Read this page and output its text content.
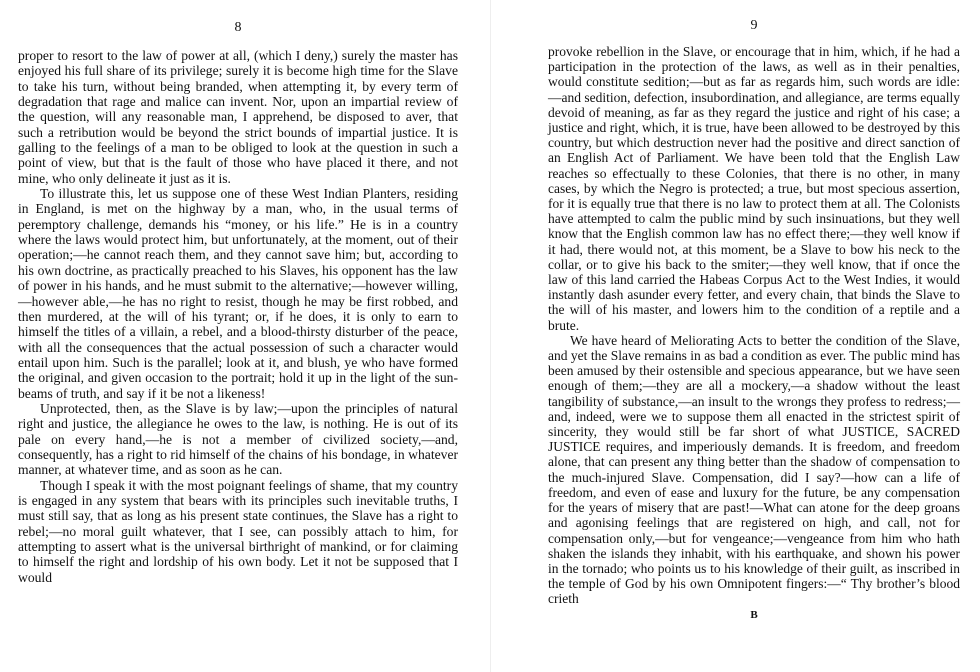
8

proper to resort to the law of power at all, (which I deny,) surely the master has enjoyed his full share of its privilege; surely it is become high time for the Slave to take his turn, without being branded, when attempting it, by every term of degradation that rage and malice can invent. Nor, upon an impartial review of the question, will any reasonable man, I apprehend, be disposed to aver, that such a retribution would be beyond the strict bounds of impartial justice. It is galling to the feelings of a man to be obliged to look at the question in such a point of view, but that is the fault of those who have placed it there, and not mine, who only delineate it just as it is.

To illustrate this, let us suppose one of these West Indian Planters, residing in England, is met on the highway by a man, who, in the usual terms of peremptory challenge, demands his “money, or his life.” He is in a country where the laws would protect him, but unfortunately, at the moment, out of their operation;—he cannot reach them, and they cannot save him; but, according to his own doctrine, as practically preached to his Slaves, his opponent has the law of power in his hands, and he must submit to the alternative;—however willing,—however able,—he has no right to resist, though he may be first robbed, and then murdered, at the will of his tyrant; or, if he does, it is only to earn to himself the titles of a villain, a rebel, and a blood-thirsty disturber of the peace, with all the consequences that the actual possession of such a character would entail upon him. Such is the parallel; look at it, and blush, ye who have formed the original, and given occasion to the portrait; hold it up in the light of the sun-beams of truth, and say if it be not a likeness!

Unprotected, then, as the Slave is by law;—upon the principles of natural right and justice, the allegiance he owes to the law, is nothing. He is out of its pale on every hand,—he is not a member of civilized society,—and, consequently, has a right to rid himself of the chains of his bondage, in whatever manner, at whatever time, and as soon as he can.

Though I speak it with the most poignant feelings of shame, that my country is engaged in any system that bears with its principles such inevitable truths, I must still say, that as long as his present state continues, the Slave has a right to rebel;—no moral guilt whatever, that I see, can possibly attach to him, for attempting to assert what is the universal birthright of mankind, or for claiming to himself the right and lordship of his own body. Let it not be supposed that I would

9

provoke rebellion in the Slave, or encourage that in him, which, if he had a participation in the protection of the laws, as well as in their penalties, would constitute sedition;—but as far as regards him, such words are idle:—and sedition, defection, insubordination, and allegiance, are terms equally devoid of meaning, as far as they regard the justice and right of his case; a justice and right, which, it is true, have been allowed to be destroyed by this country, but which destruction never had the positive and direct sanction of an English Act of Parliament. We have been told that the English Law reaches so effectually to these Colonies, that there is no other, in many cases, by which the Negro is protected; a true, but most specious assertion, for it is equally true that there is no law to protect them at all. The Colonists have attempted to calm the public mind by such insinuations, but they well know that the English common law has no effect there;—they well know if it had, there would not, at this moment, be a Slave to bow his neck to the collar, or to give his back to the smiter;—they well know, that if once the law of this land carried the Habeas Corpus Act to the West Indies, it would instantly dash asunder every fetter, and every chain, that binds the Slave to the will of his master, and lowers him to the condition of a reptile and a brute.

We have heard of Meliorating Acts to better the condition of the Slave, and yet the Slave remains in as bad a condition as ever. The public mind has been amused by their ostensible and specious appearance, but we have seen enough of them;—they are all a mockery,—a shadow without the least tangibility of substance,—an insult to the wrongs they profess to redress;—and, indeed, were we to suppose them all enacted in the strictest spirit of sincerity, they would still be far short of what JUSTICE, SACRED JUSTICE requires, and imperiously demands. It is freedom, and freedom alone, that can present any thing better than the shadow of compensation to the much-injured Slave. Compensation, did I say?—how can a life of freedom, and even of ease and luxury for the future, be any compensation for the years of misery that are past!—What can atone for the deep groans and agonising feelings that are registered on high, and call, not for compensation only,—but for vengeance;—vengeance from him who hath shaken the islands they inhabit, with his earthquake, and shown his power in the tornado; who points us to his knowledge of their guilt, as inscribed in the temple of God by his own Omnipotent fingers:—“ Thy brother’s blood crieth

B
